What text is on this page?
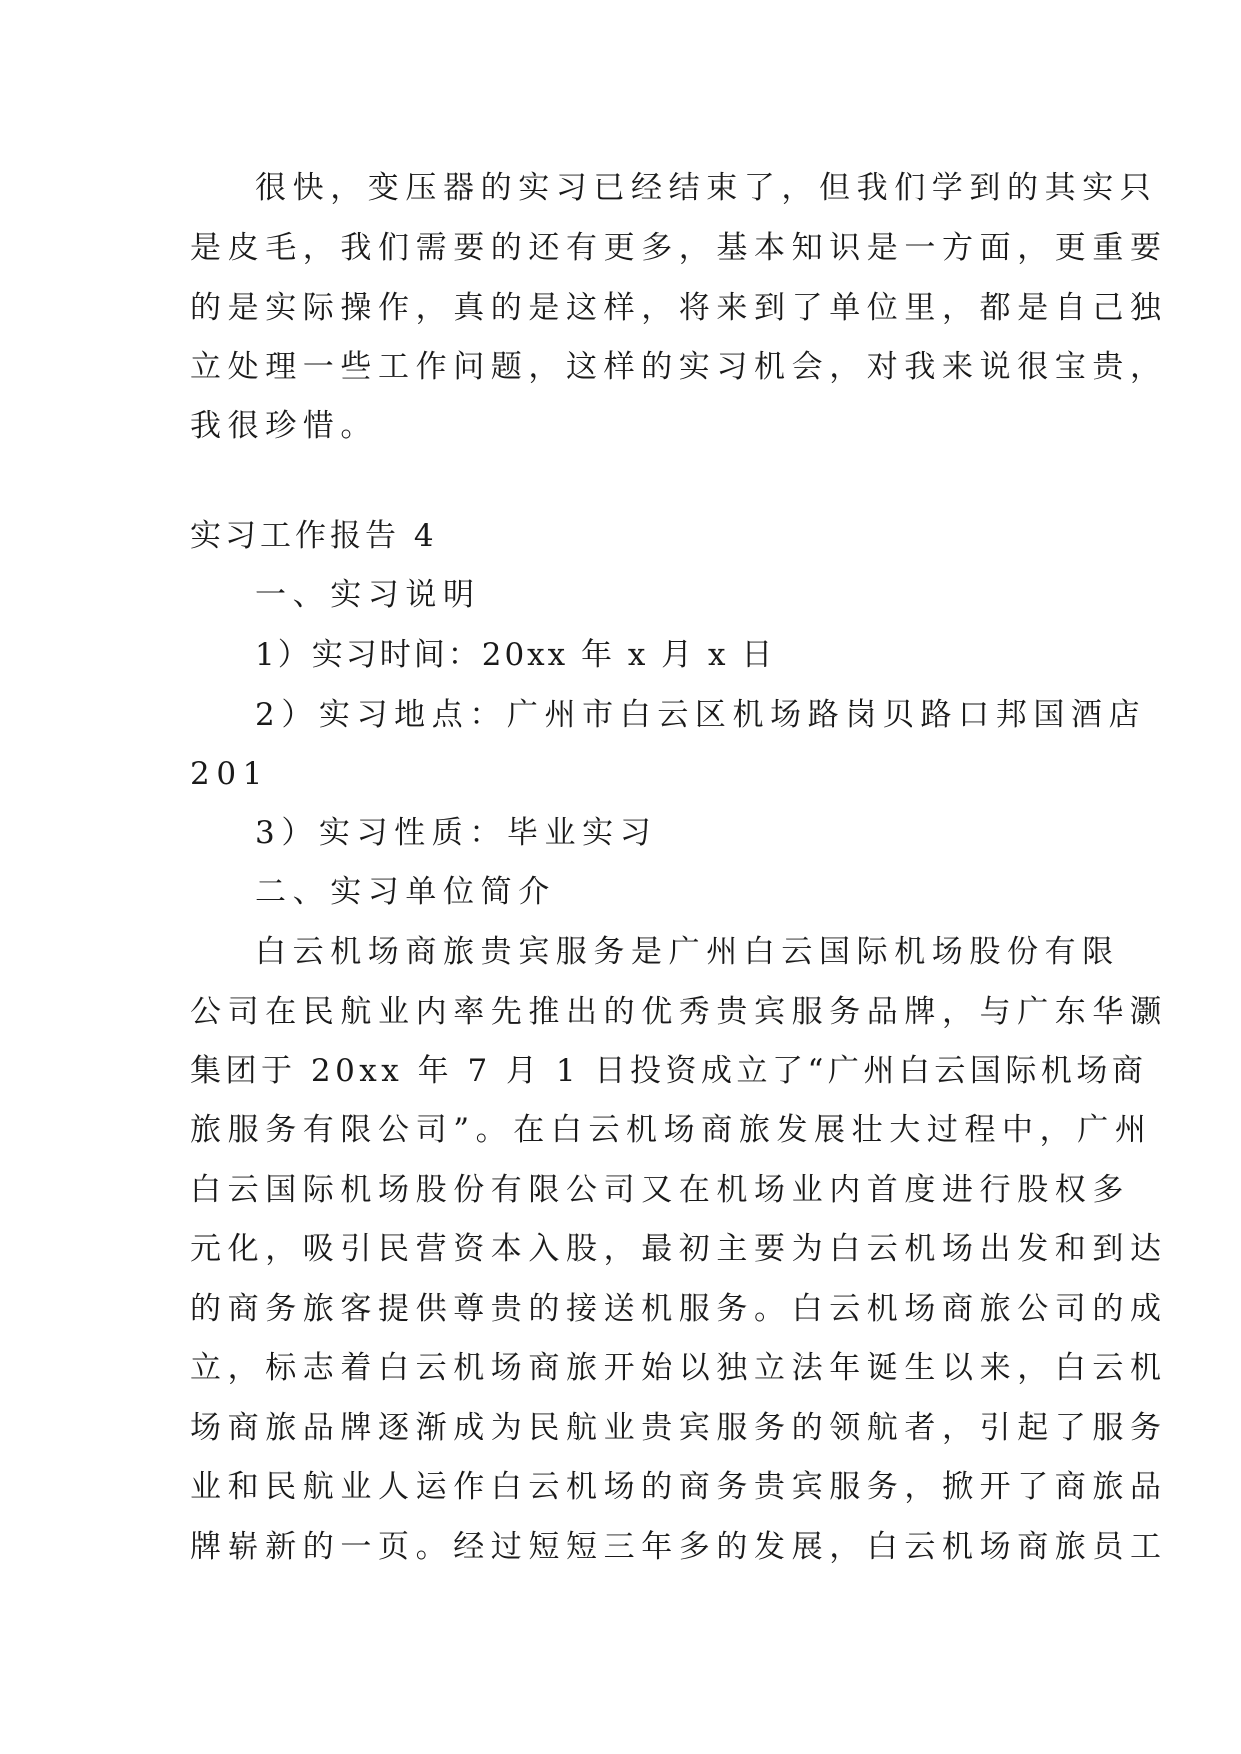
很快，变压器的实习已经结束了，但我们学到的其实只
是皮毛，我们需要的还有更多，基本知识是一方面，更重要
的是实际操作，真的是这样，将来到了单位里，都是自己独
立处理一些工作问题，这样的实习机会，对我来说很宝贵，
我很珍惜。
实习工作报告 4
一、实习说明
1）实习时间：20xx 年 x 月 x 日
2）实习地点：广州市白云区机场路岗贝路口邦国酒店
201
3）实习性质：毕业实习
二、实习单位简介
白云机场商旅贵宾服务是广州白云国际机场股份有限
公司在民航业内率先推出的优秀贵宾服务品牌，与广东华灏
集团于 20xx 年 7 月 1 日投资成立了“广州白云国际机场商
旅服务有限公司”。在白云机场商旅发展壮大过程中，广州
白云国际机场股份有限公司又在机场业内首度进行股权多
元化，吸引民营资本入股，最初主要为白云机场出发和到达
的商务旅客提供尊贵的接送机服务。白云机场商旅公司的成
立，标志着白云机场商旅开始以独立法年诞生以来，白云机
场商旅品牌逐渐成为民航业贵宾服务的领航者，引起了服务
业和民航业人运作白云机场的商务贵宾服务，掀开了商旅品
牌崭新的一页。经过短短三年多的发展，白云机场商旅员工
